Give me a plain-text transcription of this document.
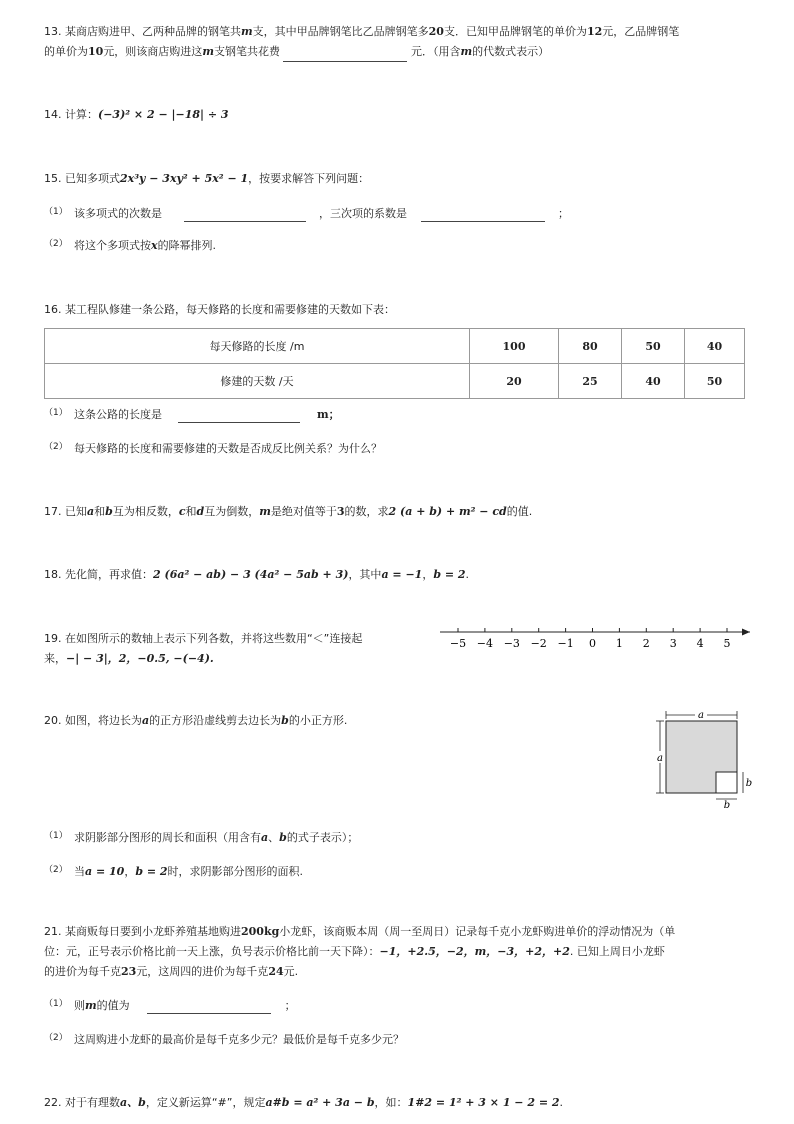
13. 某商店购进甲、乙两种品牌的钢笔共m支，其中甲品牌钢笔比乙品牌钢笔多20支．已知甲品牌钢笔的单价为12元，乙品牌钢笔
的单价为10元，则该商店购进这m支钢笔共花费	元．（用含m的代数式表示）
14. 计算：(−3)² × 2 − |−18| ÷ 3
15. 已知多项式2x³y − 3xy² + 5x² − 1，按要求解答下列问题：
（1） 该多项式的次数是	，三次项的系数是	；
（2） 将这个多项式按x的降幂排列.
16. 某工程队修建一条公路，每天修路的长度和需要修建的天数如下表：
每天修路的长度 /m	100	80	50	40
修建的天数 /天	20	25	40	50
（1） 这条公路的长度是	m；
（2） 每天修路的长度和需要修建的天数是否成反比例关系？为什么？
17. 已知a和b互为相反数，c和d互为倒数，m是绝对值等于3的数，求2 (a + b) + m² − cd的值.
18. 先化简，再求值：2 (6a² − ab) − 3 (4a² − 5ab + 3)，其中a = −1，b = 2.
19. 在如图所示的数轴上表示下列各数，并将这些数用“＜”连接起
来，−| − 3|，2，−0.5, −(−4).
−5 −4 −3 −2 −1 0 1 2 3 4 5
20. 如图，将边长为a的正方形沿虚线剪去边长为b的小正方形.	a
a
b
b
（1） 求阴影部分图形的周长和面积（用含有a、b的式子表示）；
（2） 当a = 10，b = 2时，求阴影部分图形的面积.
21. 某商贩每日要到小龙虾养殖基地购进200kg小龙虾，该商贩本周（周一至周日）记录每千克小龙虾购进单价的浮动情况为（单
位：元，正号表示价格比前一天上涨，负号表示价格比前一天下降）：−1，+2.5，−2，m，−3，+2，+2. 已知上周日小龙虾
的进价为每千克23元，这周四的进价为每千克24元.
（1） 则m的值为	；
（2） 这周购进小龙虾的最高价是每千克多少元？最低价是每千克多少元？
22. 对于有理数a、b，定义新运算“#”，规定a#b = a² + 3a − b，如：1#2 = 1² + 3 × 1 − 2 = 2.
